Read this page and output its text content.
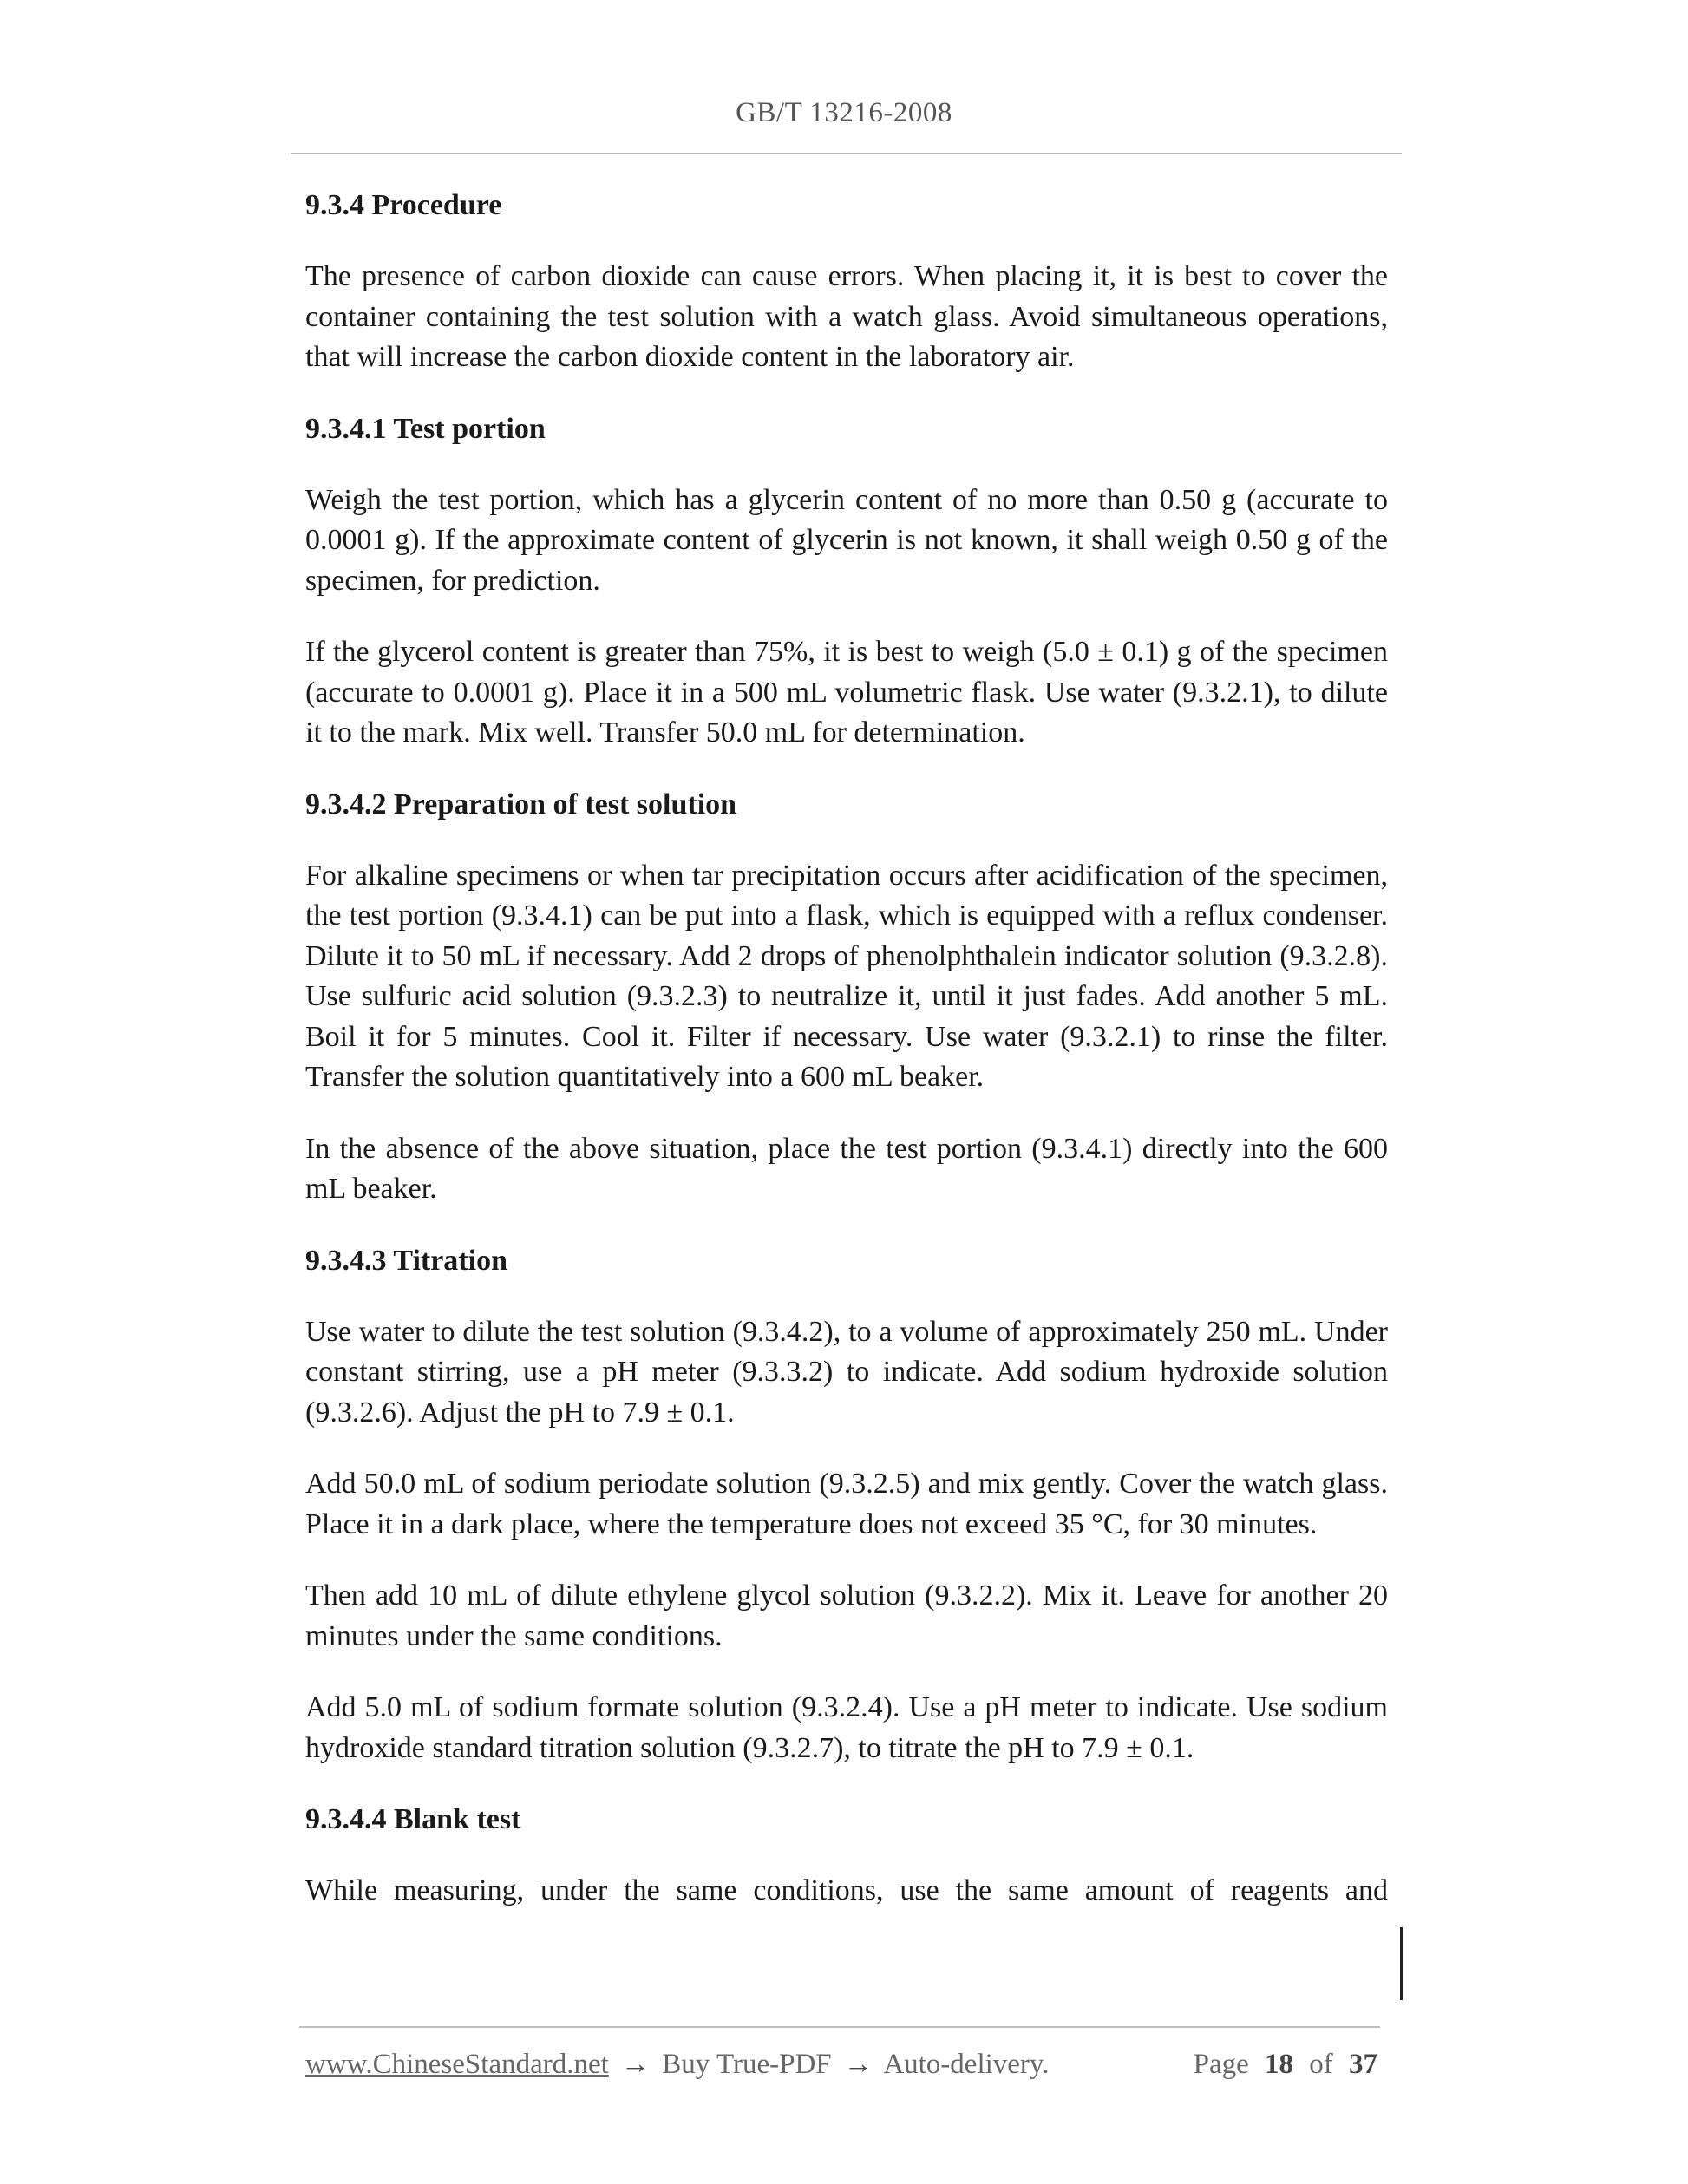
GB/T 13216-2008
9.3.4 Procedure
The presence of carbon dioxide can cause errors. When placing it, it is best to cover the container containing the test solution with a watch glass. Avoid simultaneous operations, that will increase the carbon dioxide content in the laboratory air.
9.3.4.1 Test portion
Weigh the test portion, which has a glycerin content of no more than 0.50 g (accurate to 0.0001 g). If the approximate content of glycerin is not known, it shall weigh 0.50 g of the specimen, for prediction.
If the glycerol content is greater than 75%, it is best to weigh (5.0 ± 0.1) g of the specimen (accurate to 0.0001 g). Place it in a 500 mL volumetric flask. Use water (9.3.2.1), to dilute it to the mark. Mix well. Transfer 50.0 mL for determination.
9.3.4.2 Preparation of test solution
For alkaline specimens or when tar precipitation occurs after acidification of the specimen, the test portion (9.3.4.1) can be put into a flask, which is equipped with a reflux condenser. Dilute it to 50 mL if necessary. Add 2 drops of phenolphthalein indicator solution (9.3.2.8). Use sulfuric acid solution (9.3.2.3) to neutralize it, until it just fades. Add another 5 mL. Boil it for 5 minutes. Cool it. Filter if necessary. Use water (9.3.2.1) to rinse the filter. Transfer the solution quantitatively into a 600 mL beaker.
In the absence of the above situation, place the test portion (9.3.4.1) directly into the 600 mL beaker.
9.3.4.3 Titration
Use water to dilute the test solution (9.3.4.2), to a volume of approximately 250 mL. Under constant stirring, use a pH meter (9.3.3.2) to indicate. Add sodium hydroxide solution (9.3.2.6). Adjust the pH to 7.9 ± 0.1.
Add 50.0 mL of sodium periodate solution (9.3.2.5) and mix gently. Cover the watch glass. Place it in a dark place, where the temperature does not exceed 35 °C, for 30 minutes.
Then add 10 mL of dilute ethylene glycol solution (9.3.2.2). Mix it. Leave for another 20 minutes under the same conditions.
Add 5.0 mL of sodium formate solution (9.3.2.4). Use a pH meter to indicate. Use sodium hydroxide standard titration solution (9.3.2.7), to titrate the pH to 7.9 ± 0.1.
9.3.4.4 Blank test
While measuring, under the same conditions, use the same amount of reagents and
www.ChineseStandard.net → Buy True-PDF → Auto-delivery.	Page 18 of 37
